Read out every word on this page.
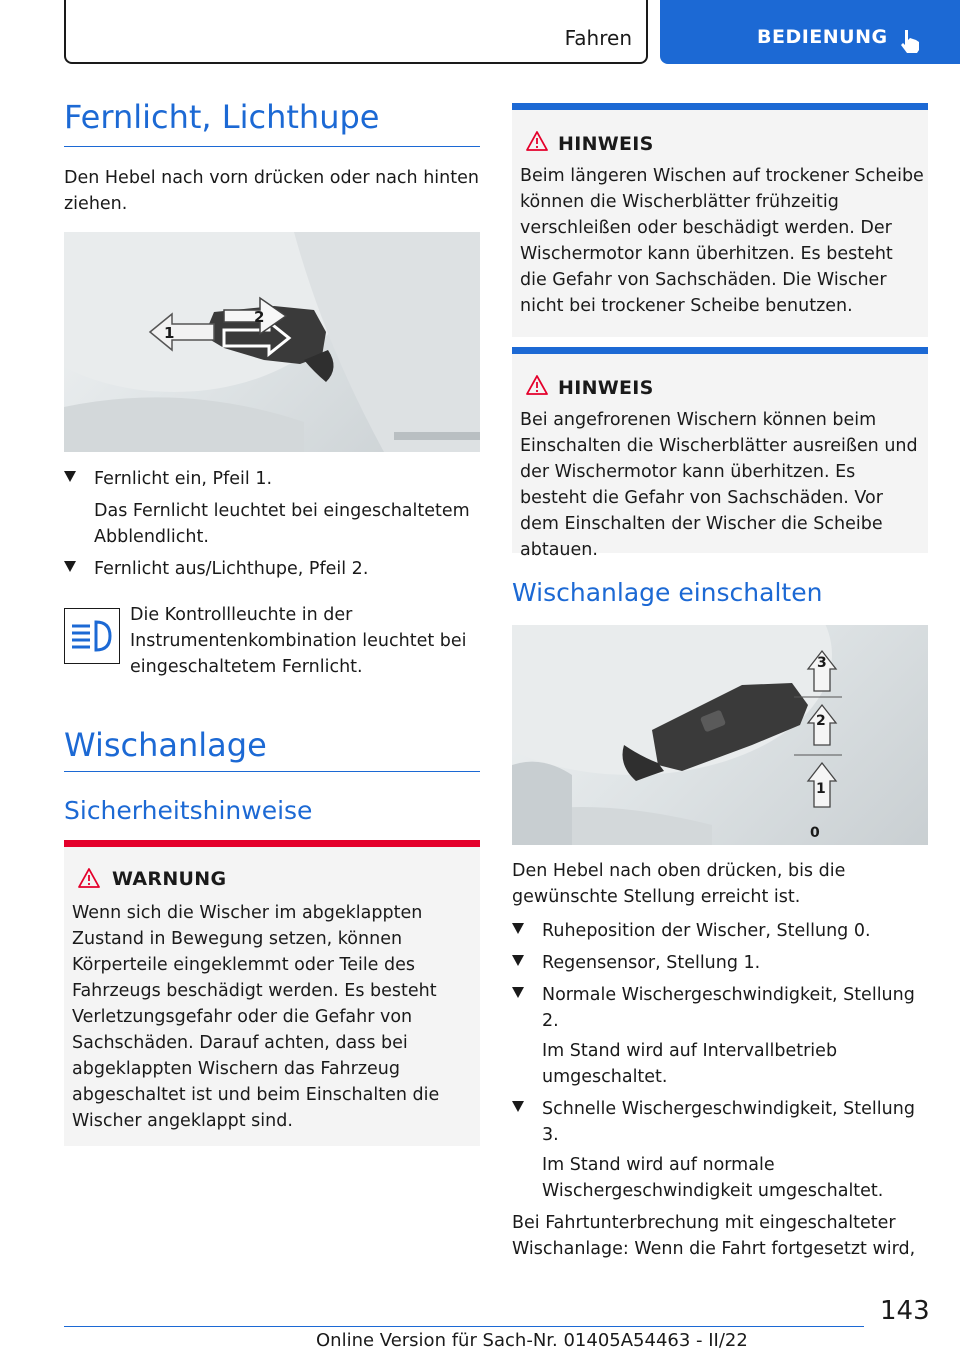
Fahren	BEDIENUNG
Fernlicht, Lichthupe
Den Hebel nach vorn drücken oder nach hinten ziehen.
1
2
Fernlicht ein, Pfeil 1.
Das Fernlicht leuchtet bei eingeschaltetem Abblendlicht.
Fernlicht aus/Lichthupe, Pfeil 2.
Die Kontrollleuchte in der Instrumentenkombination leuchtet bei eingeschaltetem Fernlicht.
Wischanlage
Sicherheitshinweise
WARNUNG
Wenn sich die Wischer im abgeklappten Zustand in Bewegung setzen, können Körperteile eingeklemmt oder Teile des Fahrzeugs beschädigt werden. Es besteht Verletzungsgefahr oder die Gefahr von Sachschäden. Darauf achten, dass bei abgeklappten Wischern das Fahrzeug abgeschaltet ist und beim Einschalten die Wischer angeklappt sind.
HINWEIS
Beim längeren Wischen auf trockener Scheibe können die Wischerblätter frühzeitig verschleißen oder beschädigt werden. Der Wischermotor kann überhitzen. Es besteht die Gefahr von Sachschäden. Die Wischer nicht bei trockener Scheibe benutzen.
HINWEIS
Bei angefrorenen Wischern können beim Einschalten die Wischerblätter ausreißen und der Wischermotor kann überhitzen. Es besteht die Gefahr von Sachschäden. Vor dem Einschalten der Wischer die Scheibe abtauen.
Wischanlage einschalten
3
2
1
0
Den Hebel nach oben drücken, bis die gewünschte Stellung erreicht ist.
Ruheposition der Wischer, Stellung 0.
Regensensor, Stellung 1.
Normale Wischergeschwindigkeit, Stellung 2.
Im Stand wird auf Intervallbetrieb umgeschaltet.
Schnelle Wischergeschwindigkeit, Stellung 3.
Im Stand wird auf normale Wischergeschwindigkeit umgeschaltet.
Bei Fahrtunterbrechung mit eingeschalteter Wischanlage: Wenn die Fahrt fortgesetzt wird,
143
Online Version für Sach-Nr. 01405A54463 - II/22
